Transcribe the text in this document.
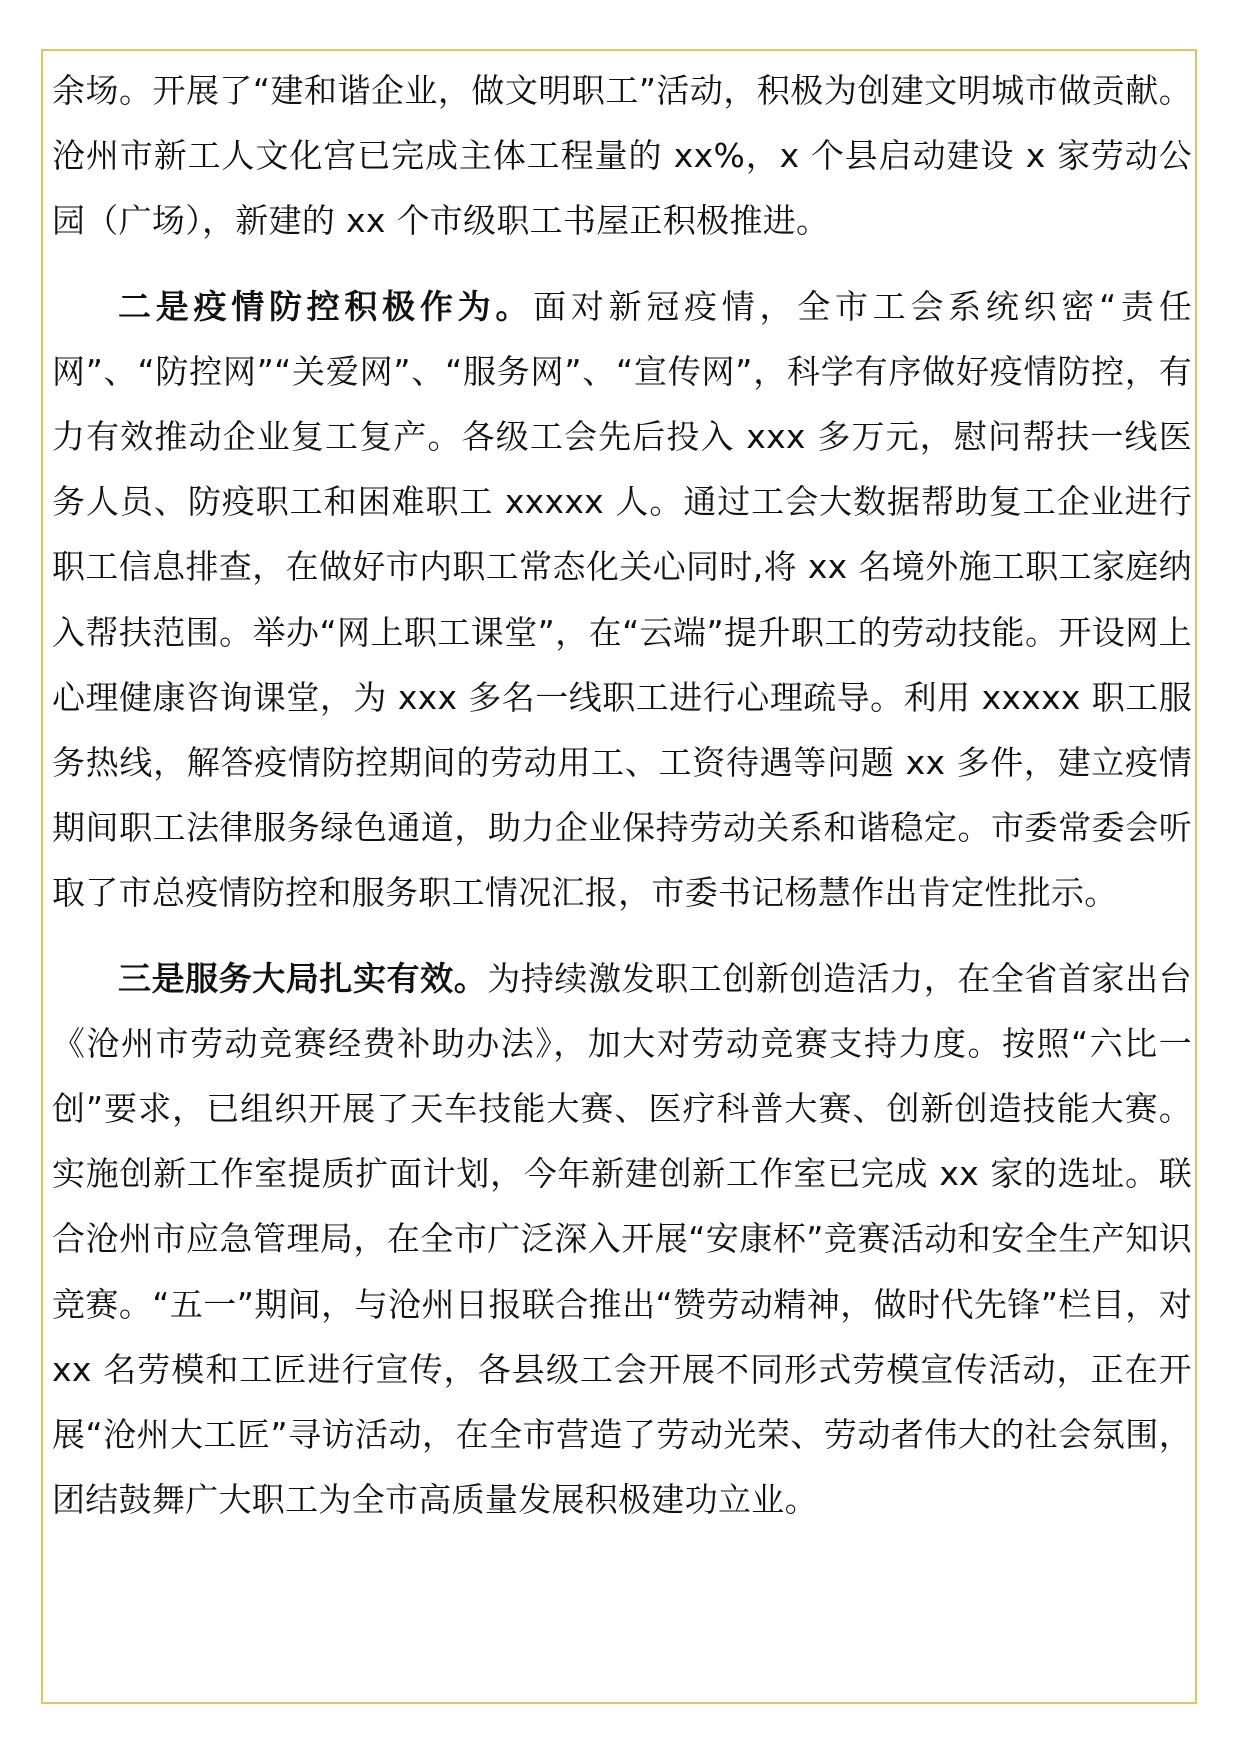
余场。开展了“建和谐企业，做文明职工”活动，积极为创建文明城市做贡献。沧州市新工人文化宫已完成主体工程量的 xx%，x 个县启动建设 x 家劳动公园（广场），新建的 xx 个市级职工书屋正积极推进。

二是疫情防控积极作为。面对新冠疫情，全市工会系统织密“责任网”、“防控网”“关爱网”、“服务网”、“宣传网”，科学有序做好疫情防控，有力有效推动企业复工复产。各级工会先后投入 xxx 多万元，慰问帮扶一线医务人员、防疫职工和困难职工 xxxxx 人。通过工会大数据帮助复工企业进行职工信息排查，在做好市内职工常态化关心同时,将 xx 名境外施工职工家庭纳入帮扶范围。举办“网上职工课堂”，在“云端”提升职工的劳动技能。开设网上心理健康咨询课堂，为 xxx 多名一线职工进行心理疏导。利用 xxxxx 职工服务热线，解答疫情防控期间的劳动用工、工资待遇等问题 xx 多件，建立疫情期间职工法律服务绿色通道，助力企业保持劳动关系和谐稳定。市委常委会听取了市总疫情防控和服务职工情况汇报，市委书记杨慧作出肯定性批示。

三是服务大局扎实有效。为持续激发职工创新创造活力，在全省首家出台《沧州市劳动竞赛经费补助办法》，加大对劳动竞赛支持力度。按照“六比一创”要求，已组织开展了天车技能大赛、医疗科普大赛、创新创造技能大赛。实施创新工作室提质扩面计划，今年新建创新工作室已完成 xx 家的选址。联合沧州市应急管理局，在全市广泛深入开展“安康杯”竞赛活动和安全生产知识竞赛。“五一”期间，与沧州日报联合推出“赞劳动精神，做时代先锋”栏目，对 xx 名劳模和工匠进行宣传，各县级工会开展不同形式劳模宣传活动，正在开展“沧州大工匠”寻访活动，在全市营造了劳动光荣、劳动者伟大的社会氛围，团结鼓舞广大职工为全市高质量发展积极建功立业。
